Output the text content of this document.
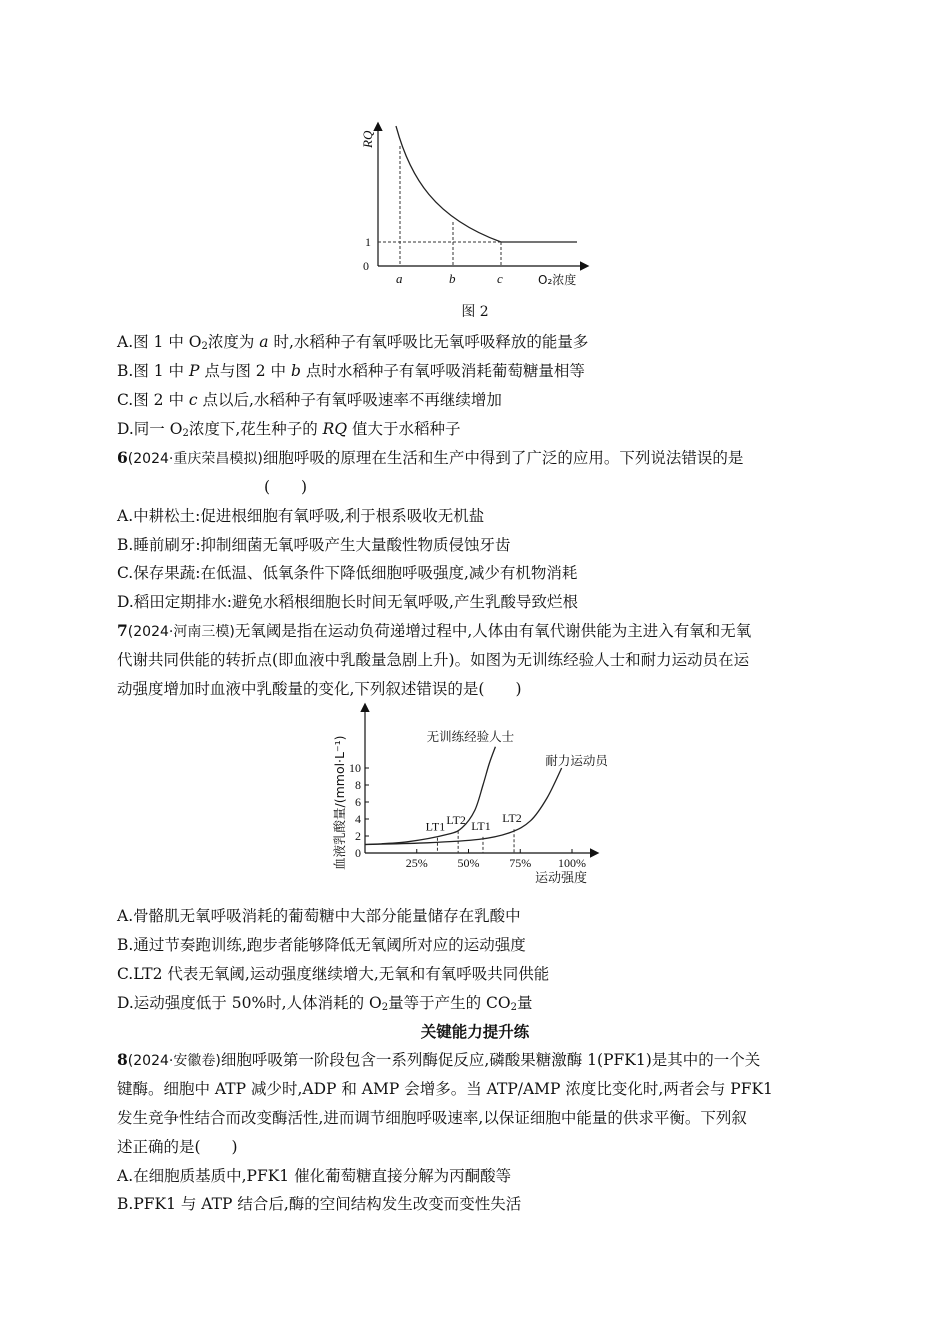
RQ
0
1
a	b	c	O₂浓度
图 2
A.图 1 中 $O_2$浓度为 a 时,水稻种子有氧呼吸比无氧呼吸释放的能量多
B.图 1 中 P 点与图 2 中 b 点时水稻种子有氧呼吸消耗葡萄糖量相等
C.图 2 中 c 点以后,水稻种子有氧呼吸速率不再继续增加
D.同一 $O_2$浓度下,花生种子的 RQ 值大于水稻种子
6(2024·重庆荣昌模拟)细胞呼吸的原理在生活和生产中得到了广泛的应用。下列说法错误的是
(　　)
A.中耕松土:促进根细胞有氧呼吸,利于根系吸收无机盐
B.睡前刷牙:抑制细菌无氧呼吸产生大量酸性物质侵蚀牙齿
C.保存果蔬:在低温、低氧条件下降低细胞呼吸强度,减少有机物消耗
D.稻田定期排水:避免水稻根细胞长时间无氧呼吸,产生乳酸导致烂根
7(2024·河南三模)无氧阈是指在运动负荷递增过程中,人体由有氧代谢供能为主进入有氧和无氧
代谢共同供能的转折点(即血液中乳酸量急剧上升)。如图为无训练经验人士和耐力运动员在运
动强度增加时血液中乳酸量的变化,下列叙述错误的是(　　)
血液乳酸量/(mmol·L⁻¹)
运动强度
0
2
4
6
8
10
25% 50% 75% 100%
无训练经验人士
LT1 LT2
耐力运动员
LT1
LT2
A.骨骼肌无氧呼吸消耗的葡萄糖中大部分能量储存在乳酸中
B.通过节奏跑训练,跑步者能够降低无氧阈所对应的运动强度
C.LT2 代表无氧阈,运动强度继续增大,无氧和有氧呼吸共同供能
D.运动强度低于 50%时,人体消耗的 $O_2$量等于产生的 $CO_2$量
关键能力提升练
8(2024·安徽卷)细胞呼吸第一阶段包含一系列酶促反应,磷酸果糖激酶 1(PFK1)是其中的一个关
键酶。细胞中 ATP 减少时,ADP 和 AMP 会增多。当 ATP/AMP 浓度比变化时,两者会与 PFK1
发生竞争性结合而改变酶活性,进而调节细胞呼吸速率,以保证细胞中能量的供求平衡。下列叙
述正确的是(　　)
A.在细胞质基质中,PFK1 催化葡萄糖直接分解为丙酮酸等
B.PFK1 与 ATP 结合后,酶的空间结构发生改变而变性失活
